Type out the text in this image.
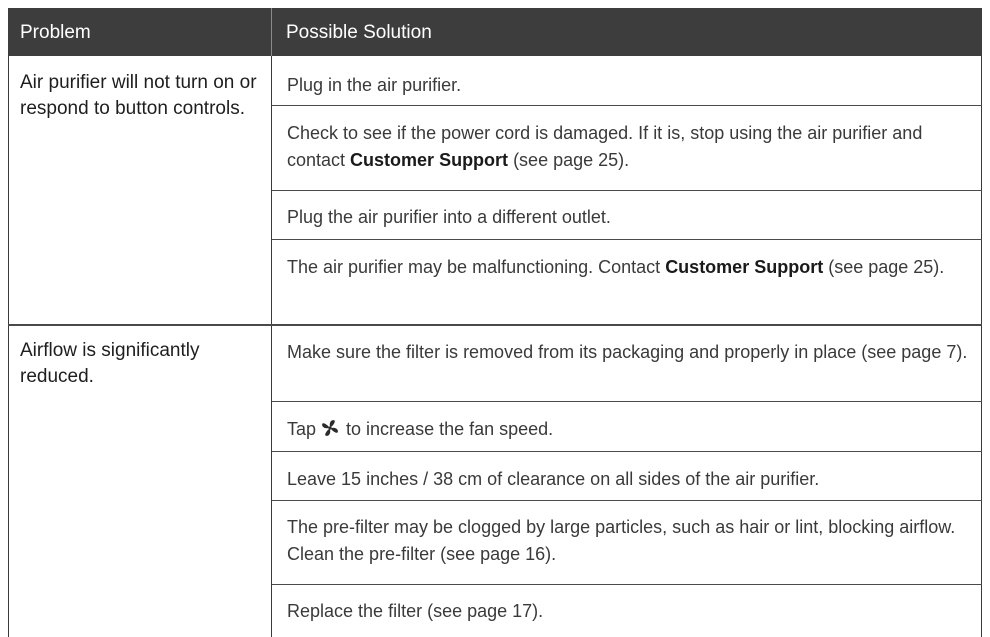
Problem	Possible Solution
Air purifier will not turn on or respond to button controls.
Plug in the air purifier.
Check to see if the power cord is damaged. If it is, stop using the air purifier and contact Customer Support (see page 25).
Plug the air purifier into a different outlet.
The air purifier may be malfunctioning. Contact Customer Support (see page 25).
Airflow is significantly reduced.
Make sure the filter is removed from its packaging and properly in place (see page 7).
Tap to increase the fan speed.
Leave 15 inches / 38 cm of clearance on all sides of the air purifier.
The pre-filter may be clogged by large particles, such as hair or lint, blocking airflow. Clean the pre-filter (see page 16).
Replace the filter (see page 17).
